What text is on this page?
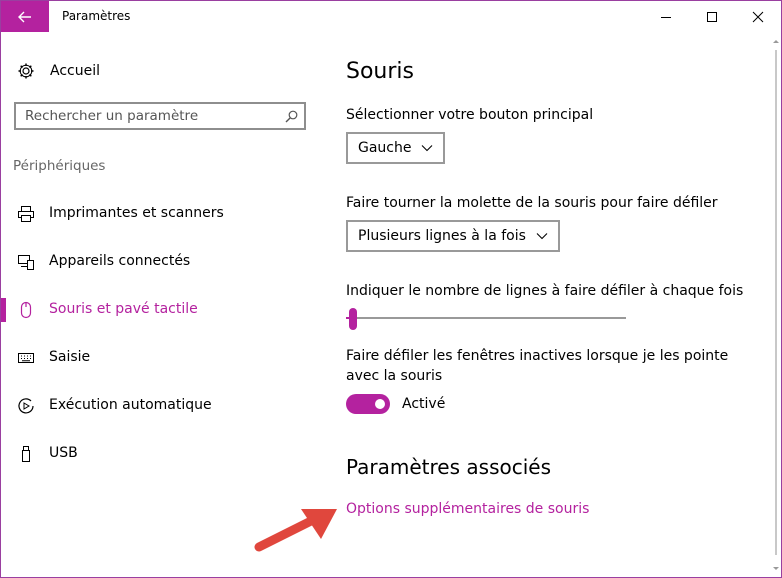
Paramètres
Accueil
Rechercher un paramètre
Périphériques
Imprimantes et scanners
Appareils connectés
Souris et pavé tactile
Saisie
Exécution automatique
USB
Souris
Sélectionner votre bouton principal
Gauche
Faire tourner la molette de la souris pour faire défiler
Plusieurs lignes à la fois
Indiquer le nombre de lignes à faire défiler à chaque fois
Faire défiler les fenêtres inactives lorsque je les pointe avec la souris
Activé
Paramètres associés
Options supplémentaires de souris
